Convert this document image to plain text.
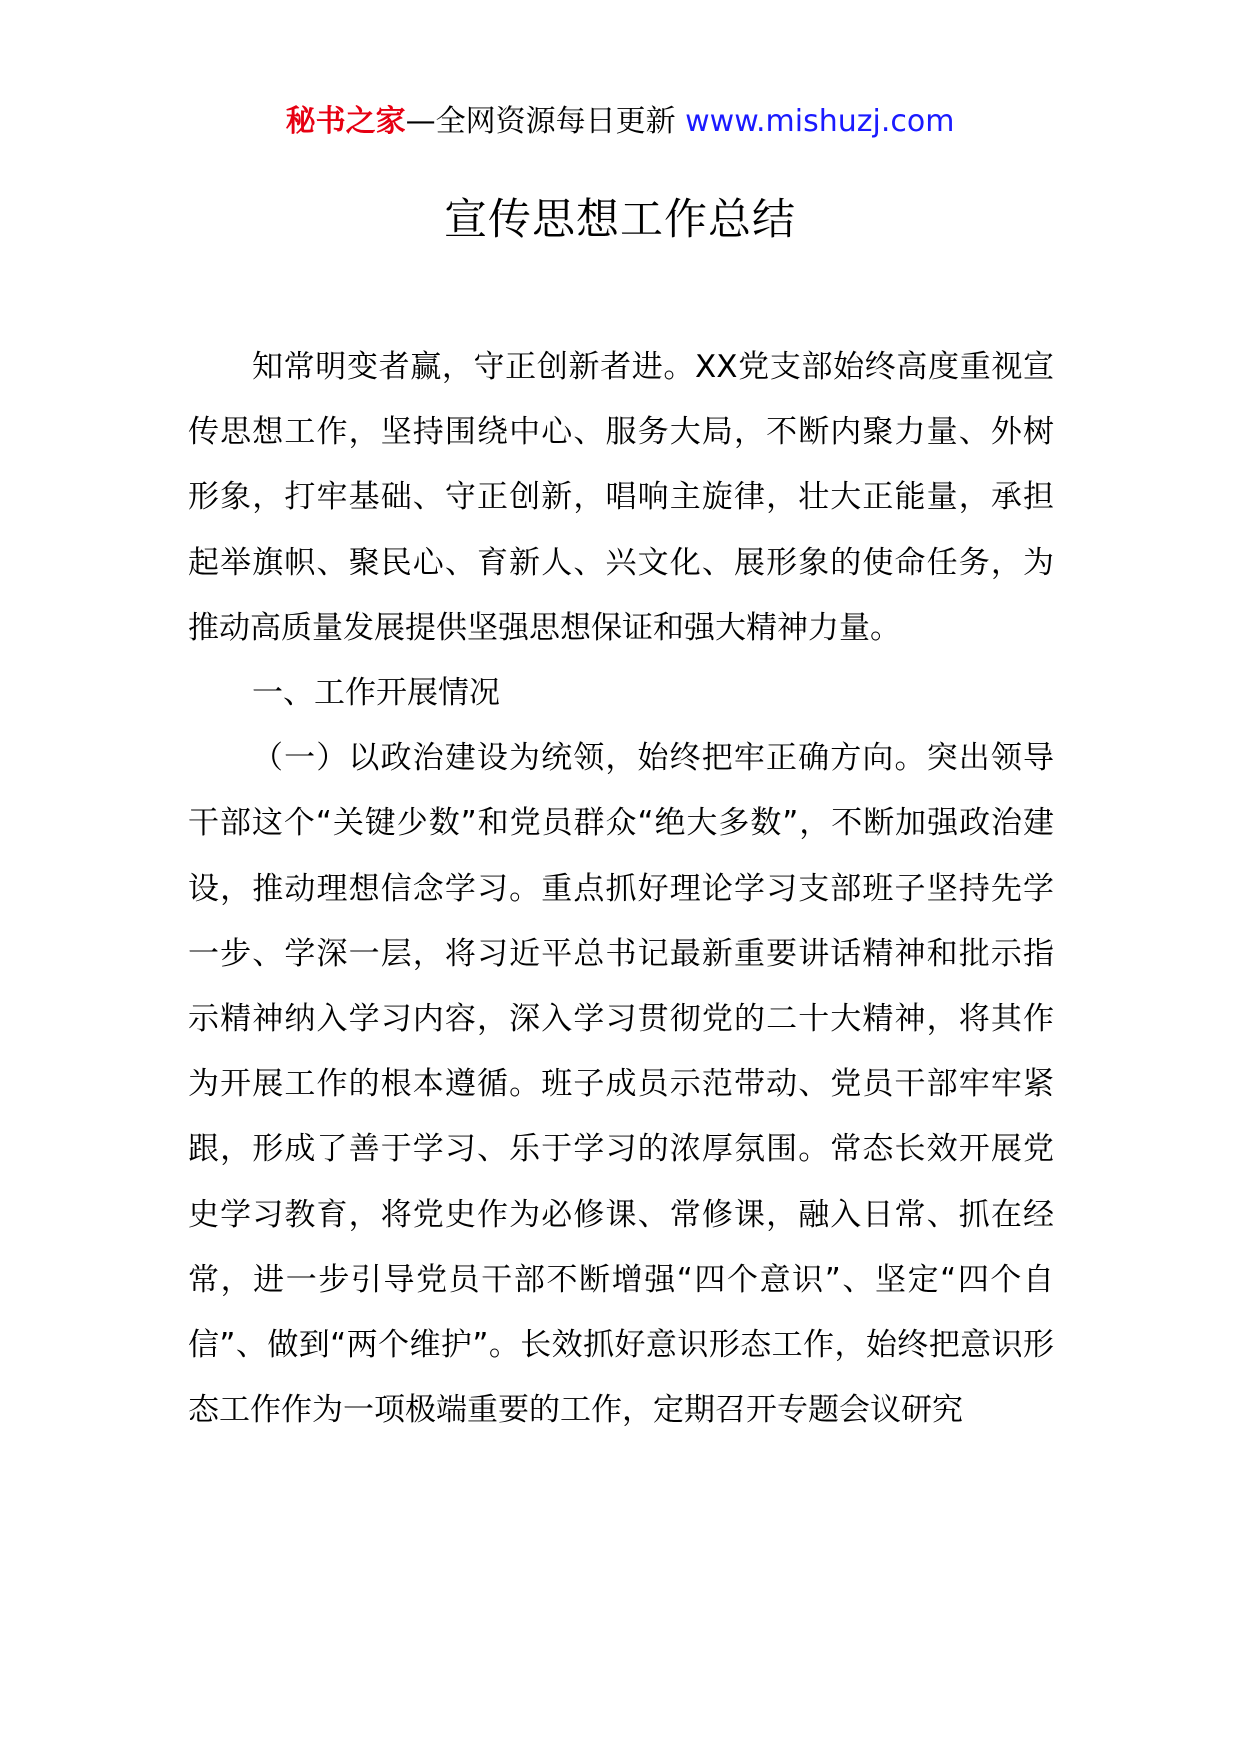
秘书之家—全网资源每日更新 www.mishuzj.com
宣传思想工作总结

知常明变者赢，守正创新者进。XX党支部始终高度重视宣传思想工作，坚持围绕中心、服务大局，不断内聚力量、外树形象，打牢基础、守正创新，唱响主旋律，壮大正能量，承担起举旗帜、聚民心、育新人、兴文化、展形象的使命任务，为推动高质量发展提供坚强思想保证和强大精神力量。

一、工作开展情况

（一）以政治建设为统领，始终把牢正确方向。突出领导干部这个“关键少数”和党员群众“绝大多数”，不断加强政治建设，推动理想信念学习。重点抓好理论学习支部班子坚持先学一步、学深一层，将习近平总书记最新重要讲话精神和批示指示精神纳入学习内容，深入学习贯彻党的二十大精神，将其作为开展工作的根本遵循。班子成员示范带动、党员干部牢牢紧跟，形成了善于学习、乐于学习的浓厚氛围。常态长效开展党史学习教育，将党史作为必修课、常修课，融入日常、抓在经常，进一步引导党员干部不断增强“四个意识”、坚定“四个自信”、做到“两个维护”。长效抓好意识形态工作，始终把意识形态工作作为一项极端重要的工作，定期召开专题会议研究
